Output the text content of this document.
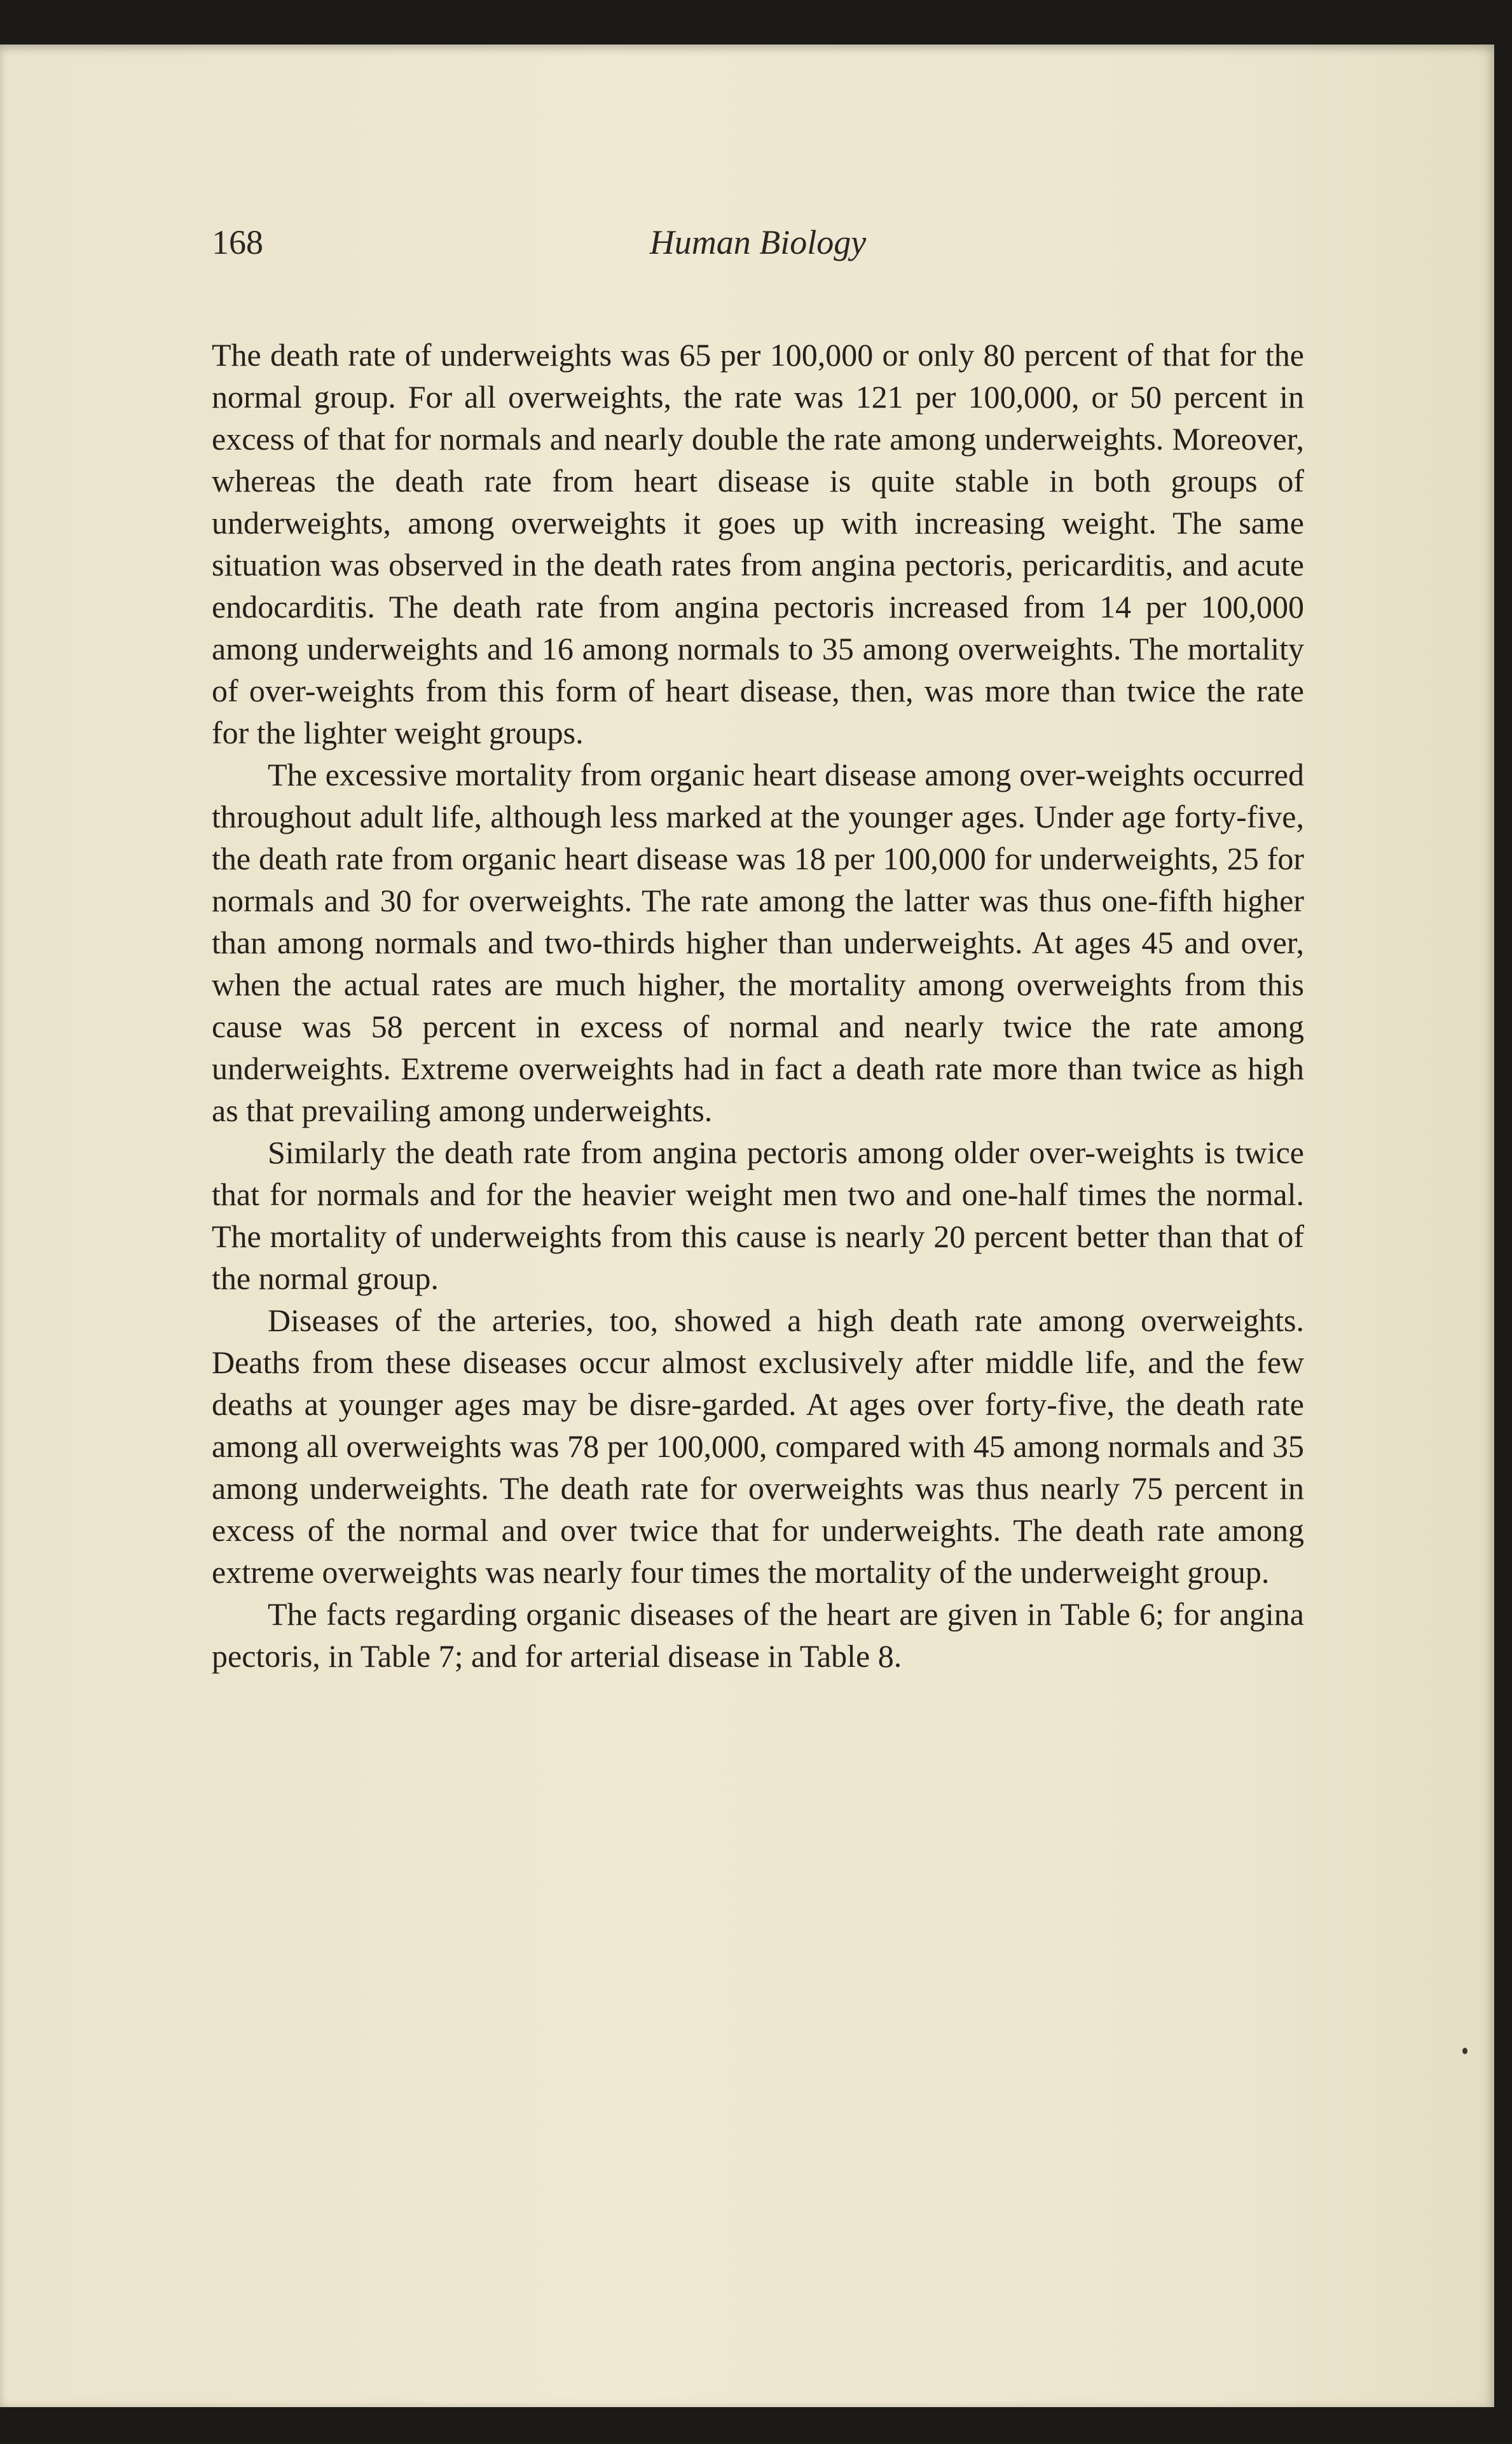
168	Human Biology

The death rate of underweights was 65 per 100,000 or only 80 percent of that for the normal group. For all overweights, the rate was 121 per 100,000, or 50 percent in excess of that for normals and nearly double the rate among underweights. Moreover, whereas the death rate from heart disease is quite stable in both groups of underweights, among overweights it goes up with increasing weight. The same situation was observed in the death rates from angina pectoris, pericarditis, and acute endocarditis. The death rate from angina pectoris increased from 14 per 100,000 among underweights and 16 among normals to 35 among overweights. The mortality of over-weights from this form of heart disease, then, was more than twice the rate for the lighter weight groups.

The excessive mortality from organic heart disease among over-weights occurred throughout adult life, although less marked at the younger ages. Under age forty-five, the death rate from organic heart disease was 18 per 100,000 for underweights, 25 for normals and 30 for overweights. The rate among the latter was thus one-fifth higher than among normals and two-thirds higher than underweights. At ages 45 and over, when the actual rates are much higher, the mortality among overweights from this cause was 58 percent in excess of normal and nearly twice the rate among underweights. Extreme overweights had in fact a death rate more than twice as high as that prevailing among underweights.

Similarly the death rate from angina pectoris among older over-weights is twice that for normals and for the heavier weight men two and one-half times the normal. The mortality of underweights from this cause is nearly 20 percent better than that of the normal group.

Diseases of the arteries, too, showed a high death rate among overweights. Deaths from these diseases occur almost exclusively after middle life, and the few deaths at younger ages may be disre-garded. At ages over forty-five, the death rate among all overweights was 78 per 100,000, compared with 45 among normals and 35 among underweights. The death rate for overweights was thus nearly 75 percent in excess of the normal and over twice that for underweights. The death rate among extreme overweights was nearly four times the mortality of the underweight group.

The facts regarding organic diseases of the heart are given in Table 6; for angina pectoris, in Table 7; and for arterial disease in Table 8.
